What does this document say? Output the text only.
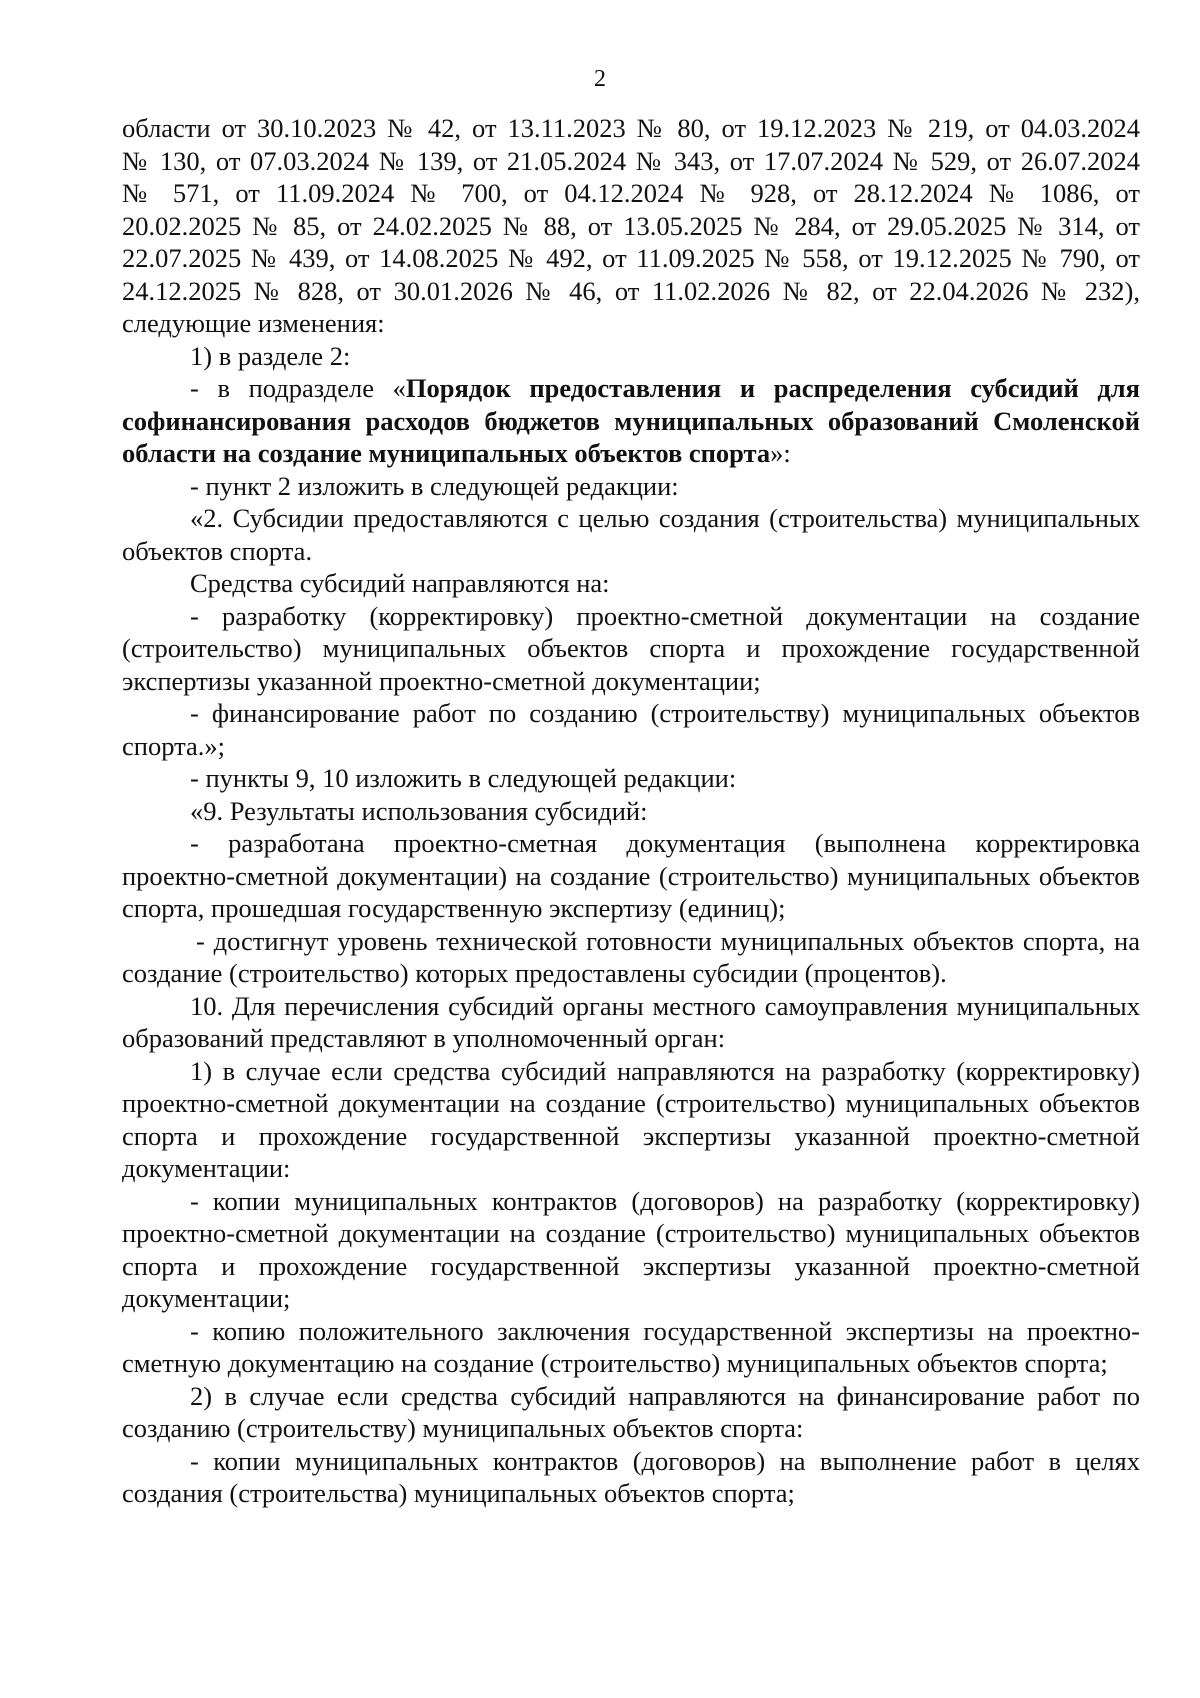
2
области от 30.10.2023 № 42, от 13.11.2023 № 80, от 19.12.2023 № 219, от 04.03.2024
№ 130, от 07.03.2024 № 139, от 21.05.2024 № 343, от 17.07.2024 № 529, от 26.07.2024
№ 571, от 11.09.2024 № 700, от 04.12.2024 № 928, от 28.12.2024 № 1086, от
20.02.2025 № 85, от 24.02.2025 № 88, от 13.05.2025 № 284, от 29.05.2025 № 314, от
22.07.2025 № 439, от 14.08.2025 № 492, от 11.09.2025 № 558, от 19.12.2025 № 790, от
24.12.2025 № 828, от 30.01.2026 № 46, от 11.02.2026 № 82, от 22.04.2026 № 232),
следующие изменения:

1) в разделе 2:

- в подразделе «Порядок предоставления и распределения субсидий для софинансирования расходов бюджетов муниципальных образований Смоленской области на создание муниципальных объектов спорта»:

- пункт 2 изложить в следующей редакции:

«2. Субсидии предоставляются с целью создания (строительства) муниципальных объектов спорта.

Средства субсидий направляются на:

- разработку (корректировку) проектно-сметной документации на создание (строительство) муниципальных объектов спорта и прохождение государственной экспертизы указанной проектно-сметной документации;

- финансирование работ по созданию (строительству) муниципальных объектов спорта.»;

- пункты 9, 10 изложить в следующей редакции:

«9. Результаты использования субсидий:

- разработана проектно-сметная документация (выполнена корректировка проектно-сметной документации) на создание (строительство) муниципальных объектов спорта, прошедшая государственную экспертизу (единиц);

- достигнут уровень технической готовности муниципальных объектов спорта, на создание (строительство) которых предоставлены субсидии (процентов).

10. Для перечисления субсидий органы местного самоуправления муниципальных образований представляют в уполномоченный орган:

1) в случае если средства субсидий направляются на разработку (корректировку) проектно-сметной документации на создание (строительство) муниципальных объектов спорта и прохождение государственной экспертизы указанной проектно-сметной документации:

- копии муниципальных контрактов (договоров) на разработку (корректировку) проектно-сметной документации на создание (строительство) муниципальных объектов спорта и прохождение государственной экспертизы указанной проектно-сметной документации;

- копию положительного заключения государственной экспертизы на проектно-сметную документацию на создание (строительство) муниципальных объектов спорта;

2) в случае если средства субсидий направляются на финансирование работ по созданию (строительству) муниципальных объектов спорта:

- копии муниципальных контрактов (договоров) на выполнение работ в целях создания (строительства) муниципальных объектов спорта;
